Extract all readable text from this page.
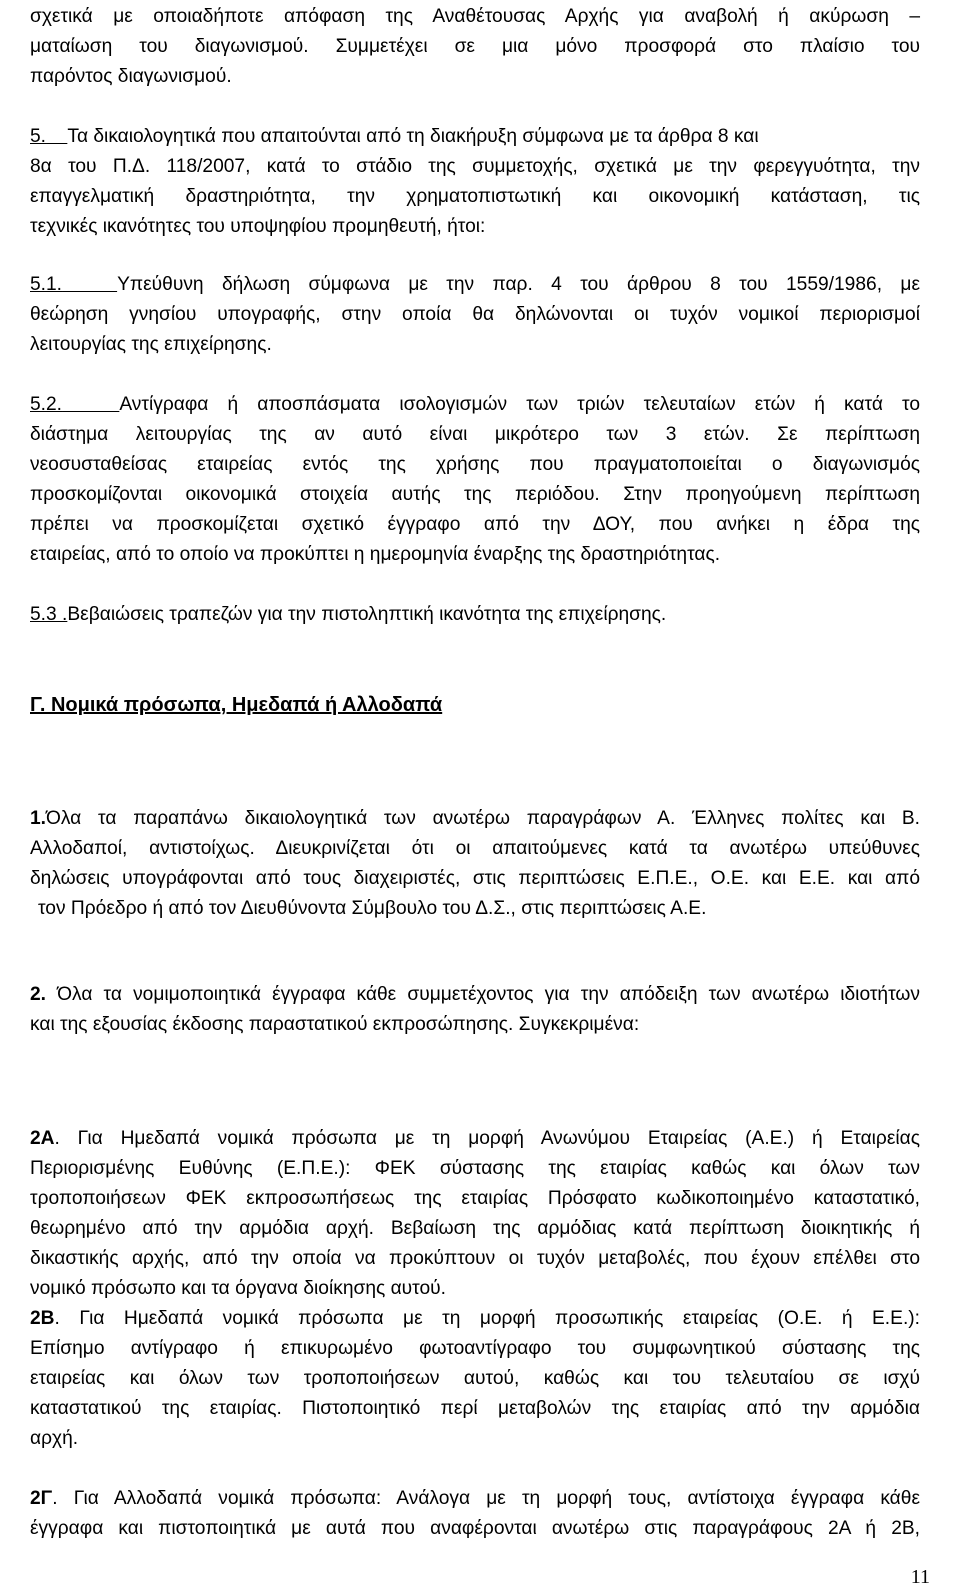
σχετικά με οποιαδήποτε απόφαση της Αναθέτουσας Αρχής για αναβολή ή ακύρωση –
ματαίωση του διαγωνισμού. Συμμετέχει σε μια μόνο προσφορά στο πλαίσιο του
παρόντος διαγωνισμού.
5. Τα δικαιολογητικά που απαιτούνται από τη διακήρυξη σύμφωνα με τα άρθρα 8 και
8α του Π.Δ. 118/2007, κατά το στάδιο της συμμετοχής, σχετικά με την φερεγγυότητα, την
επαγγελματική δραστηριότητα, την χρηματοπιστωτική και οικονομική κατάσταση, τις
τεχνικές ικανότητες του υποψηφίου προμηθευτή, ήτοι:
5.1.	Υπεύθυνη δήλωση σύμφωνα με την παρ. 4 του άρθρου 8 του 1559/1986, με
θεώρηση γνησίου υπογραφής, στην οποία θα δηλώνονται οι τυχόν νομικοί περιορισμοί
λειτουργίας της επιχείρησης.
5.2.	Αντίγραφα ή αποσπάσματα ισολογισμών των τριών τελευταίων ετών ή κατά το
διάστημα λειτουργίας της αν αυτό είναι μικρότερο των 3 ετών. Σε περίπτωση
νεοσυσταθείσας εταιρείας εντός της χρήσης που πραγματοποιείται ο διαγωνισμός
προσκομίζονται οικονομικά στοιχεία αυτής της περιόδου. Στην προηγούμενη περίπτωση
πρέπει να προσκομίζεται σχετικό έγγραφο από την ΔΟΥ, που ανήκει η έδρα της
εταιρείας, από το οποίο να προκύπτει η ημερομηνία έναρξης της δραστηριότητας.
5.3 .Βεβαιώσεις τραπεζών για την πιστοληπτική ικανότητα της επιχείρησης.
Γ. Νομικά πρόσωπα, Ημεδαπά ή Αλλοδαπά
1.Όλα τα παραπάνω δικαιολογητικά των ανωτέρω παραγράφων Α. Έλληνες πολίτες και Β.
Αλλοδαποί, αντιστοίχως. Διευκρινίζεται ότι οι απαιτούμενες κατά τα ανωτέρω υπεύθυνες
δηλώσεις υπογράφονται από τους διαχειριστές, στις περιπτώσεις Ε.Π.Ε., Ο.Ε. και Ε.Ε. και από
τον Πρόεδρο ή από τον Διευθύνοντα Σύμβουλο του Δ.Σ., στις περιπτώσεις Α.Ε.
2. Όλα τα νομιμοποιητικά έγγραφα κάθε συμμετέχοντος για την απόδειξη των ανωτέρω ιδιοτήτων
και της εξουσίας έκδοσης παραστατικού εκπροσώπησης. Συγκεκριμένα:
2Α. Για Ημεδαπά νομικά πρόσωπα με τη μορφή Ανωνύμου Εταιρείας (Α.Ε.) ή Εταιρείας
Περιορισμένης Ευθύνης (Ε.Π.Ε.): ΦΕΚ σύστασης της εταιρίας καθώς και όλων των
τροποποιήσεων ΦΕΚ εκπροσωπήσεως της εταιρίας Πρόσφατο κωδικοποιημένο καταστατικό,
θεωρημένο από την αρμόδια αρχή. Βεβαίωση της αρμόδιας κατά περίπτωση διοικητικής ή
δικαστικής αρχής, από την οποία να προκύπτουν οι τυχόν μεταβολές, που έχουν επέλθει στο
νομικό πρόσωπο και τα όργανα διοίκησης αυτού.
2Β. Για Ημεδαπά νομικά πρόσωπα με τη μορφή προσωπικής εταιρείας (Ο.Ε. ή Ε.Ε.):
Επίσημο αντίγραφο ή επικυρωμένο φωτοαντίγραφο του συμφωνητικού σύστασης της
εταιρείας και όλων των τροποποιήσεων αυτού, καθώς και του τελευταίου σε ισχύ
καταστατικού της εταιρίας. Πιστοποιητικό περί μεταβολών της εταιρίας από την αρμόδια
αρχή.
2Γ. Για Αλλοδαπά νομικά πρόσωπα: Ανάλογα με τη μορφή τους, αντίστοιχα έγγραφα κάθε
έγγραφα και πιστοποιητικά με αυτά που αναφέρονται ανωτέρω στις παραγράφους 2Α ή 2Β,
11
